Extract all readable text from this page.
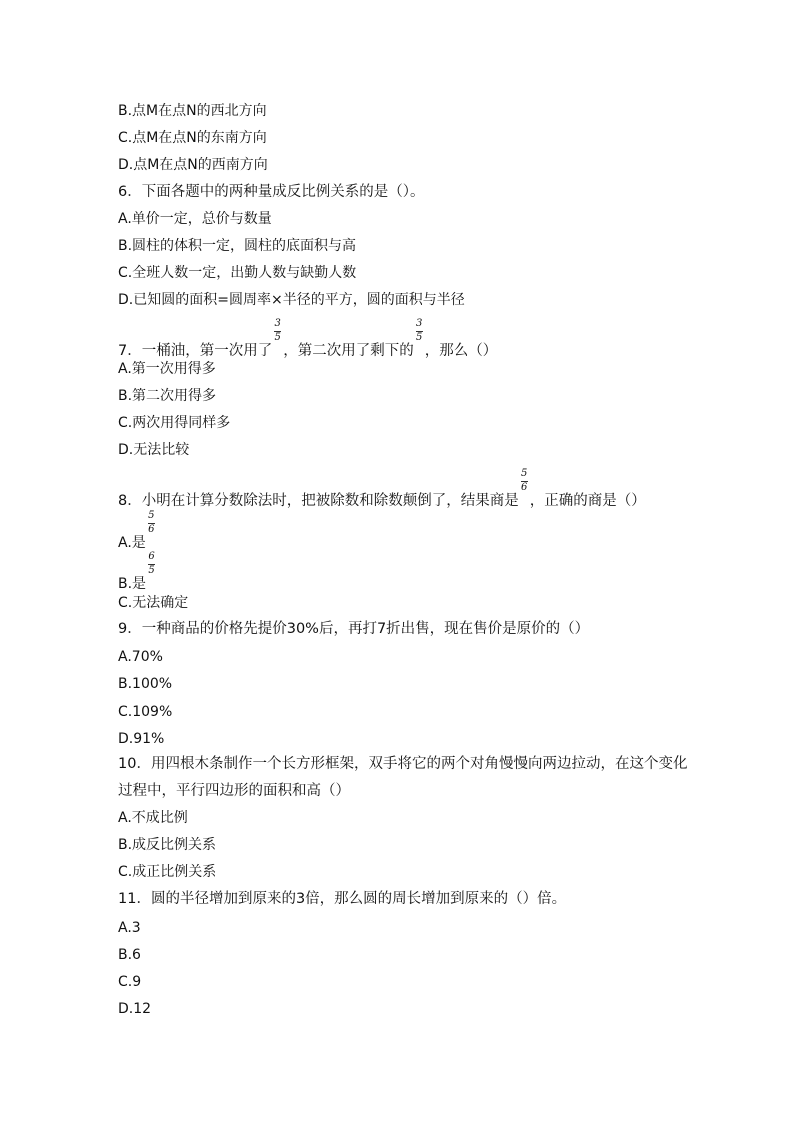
B.点M在点N的西北方向
C.点M在点N的东南方向
D.点M在点N的西南方向
6．下面各题中的两种量成反比例关系的是（）。
A.单价一定，总价与数量
B.圆柱的体积一定，圆柱的底面积与高
C.全班人数一定，出勤人数与缺勤人数
D.已知圆的面积=圆周率×半径的平方，圆的面积与半径
7．一桶油，第一次用了 $\frac{3}{5}$ ，第二次用了剩下的 $\frac{3}{5}$ ，那么（）
A.第一次用得多
B.第二次用得多
C.两次用得同样多
D.无法比较
8．小明在计算分数除法时，把被除数和除数颠倒了，结果商是 $\frac{5}{6}$ ，正确的商是（）
A.是 $\frac{5}{6}$
B.是 $\frac{6}{5}$
C.无法确定
9．一种商品的价格先提价30%后，再打7折出售，现在售价是原价的（）
A.70%
B.100%
C.109%
D.91%
10．用四根木条制作一个长方形框架，双手将它的两个对角慢慢向两边拉动，在这个变化
过程中，平行四边形的面积和高（）
A.不成比例
B.成反比例关系
C.成正比例关系
11．圆的半径增加到原来的3倍，那么圆的周长增加到原来的（）倍。
A.3
B.6
C.9
D.12
